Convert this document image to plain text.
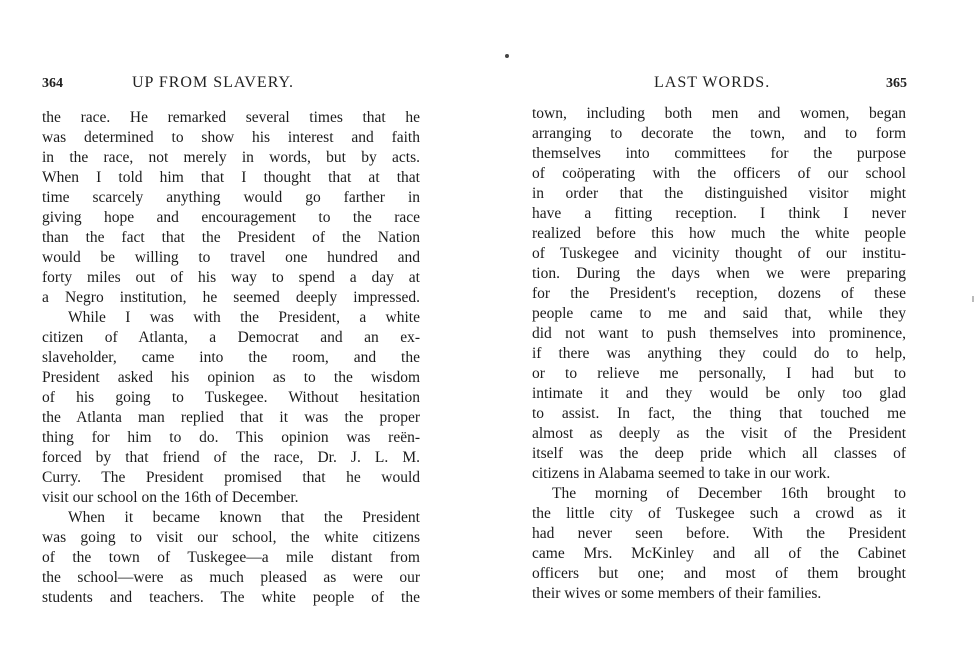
364	UP FROM SLAVERY.
the race. He remarked several times that he
was determined to show his interest and faith
in the race, not merely in words, but by acts.
When I told him that I thought that at that
time scarcely anything would go farther in
giving hope and encouragement to the race
than the fact that the President of the Nation
would be willing to travel one hundred and
forty miles out of his way to spend a day at
a Negro institution, he seemed deeply impressed.
While I was with the President, a white
citizen of Atlanta, a Democrat and an ex-
slaveholder, came into the room, and the
President asked his opinion as to the wisdom
of his going to Tuskegee. Without hesitation
the Atlanta man replied that it was the proper
thing for him to do. This opinion was reën-
forced by that friend of the race, Dr. J. L. M.
Curry. The President promised that he would
visit our school on the 16th of December.
When it became known that the President
was going to visit our school, the white citizens
of the town of Tuskegee—a mile distant from
the school—were as much pleased as were our
students and teachers. The white people of the
LAST WORDS.	365
town, including both men and women, began
arranging to decorate the town, and to form
themselves into committees for the purpose
of coöperating with the officers of our school
in order that the distinguished visitor might
have a fitting reception. I think I never
realized before this how much the white people
of Tuskegee and vicinity thought of our institu-
tion. During the days when we were preparing
for the President's reception, dozens of these
people came to me and said that, while they
did not want to push themselves into prominence,
if there was anything they could do to help,
or to relieve me personally, I had but to
intimate it and they would be only too glad
to assist. In fact, the thing that touched me
almost as deeply as the visit of the President
itself was the deep pride which all classes of
citizens in Alabama seemed to take in our work.
The morning of December 16th brought to
the little city of Tuskegee such a crowd as it
had never seen before. With the President
came Mrs. McKinley and all of the Cabinet
officers but one; and most of them brought
their wives or some members of their families.
